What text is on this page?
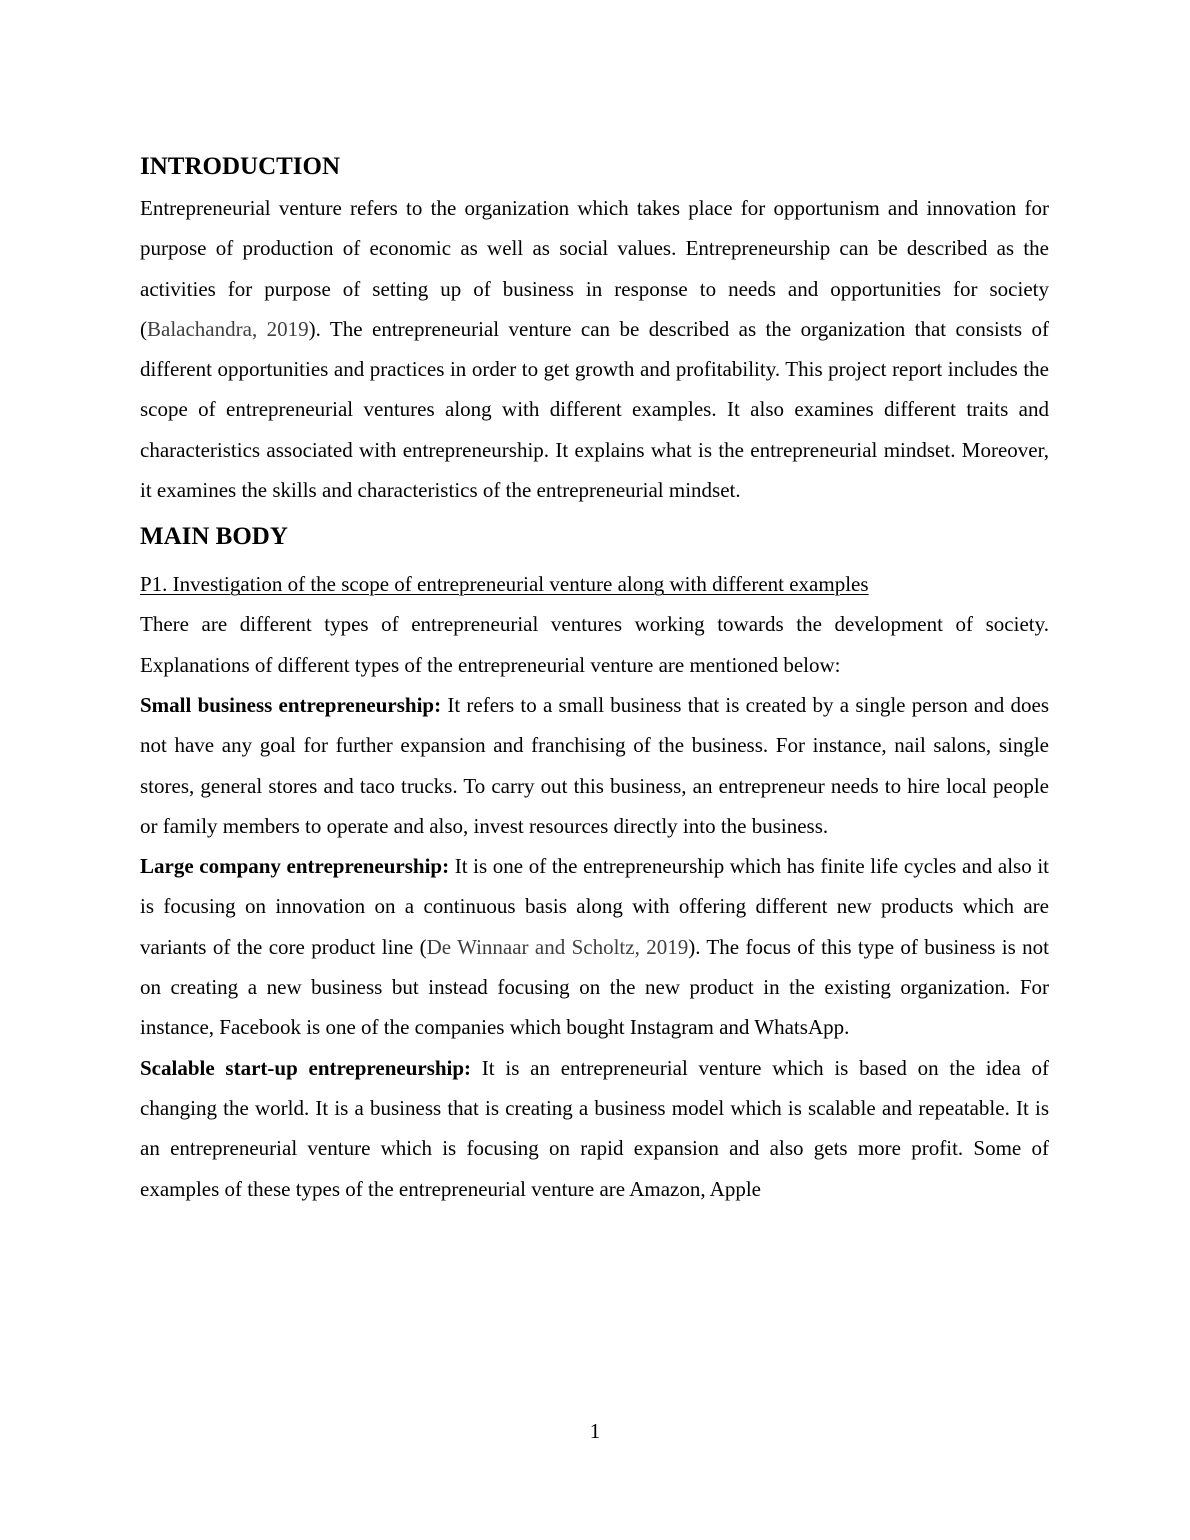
INTRODUCTION

Entrepreneurial venture refers to the organization which takes place for opportunism and innovation for purpose of production of economic as well as social values. Entrepreneurship can be described as the activities for purpose of setting up of business in response to needs and opportunities for society (Balachandra, 2019). The entrepreneurial venture can be described as the organization that consists of different opportunities and practices in order to get growth and profitability. This project report includes the scope of entrepreneurial ventures along with different examples. It also examines different traits and characteristics associated with entrepreneurship. It explains what is the entrepreneurial mindset. Moreover, it examines the skills and characteristics of the entrepreneurial mindset.

MAIN BODY
P1. Investigation of the scope of entrepreneurial venture along with different examples

There are different types of entrepreneurial ventures working towards the development of society. Explanations of different types of the entrepreneurial venture are mentioned below:

Small business entrepreneurship: It refers to a small business that is created by a single person and does not have any goal for further expansion and franchising of the business. For instance, nail salons, single stores, general stores and taco trucks. To carry out this business, an entrepreneur needs to hire local people or family members to operate and also, invest resources directly into the business.

Large company entrepreneurship: It is one of the entrepreneurship which has finite life cycles and also it is focusing on innovation on a continuous basis along with offering different new products which are variants of the core product line (De Winnaar and Scholtz, 2019). The focus of this type of business is not on creating a new business but instead focusing on the new product in the existing organization. For instance, Facebook is one of the companies which bought Instagram and WhatsApp.

Scalable start-up entrepreneurship: It is an entrepreneurial venture which is based on the idea of changing the world. It is a business that is creating a business model which is scalable and repeatable. It is an entrepreneurial venture which is focusing on rapid expansion and also gets more profit. Some of examples of these types of the entrepreneurial venture are Amazon, Apple

1
